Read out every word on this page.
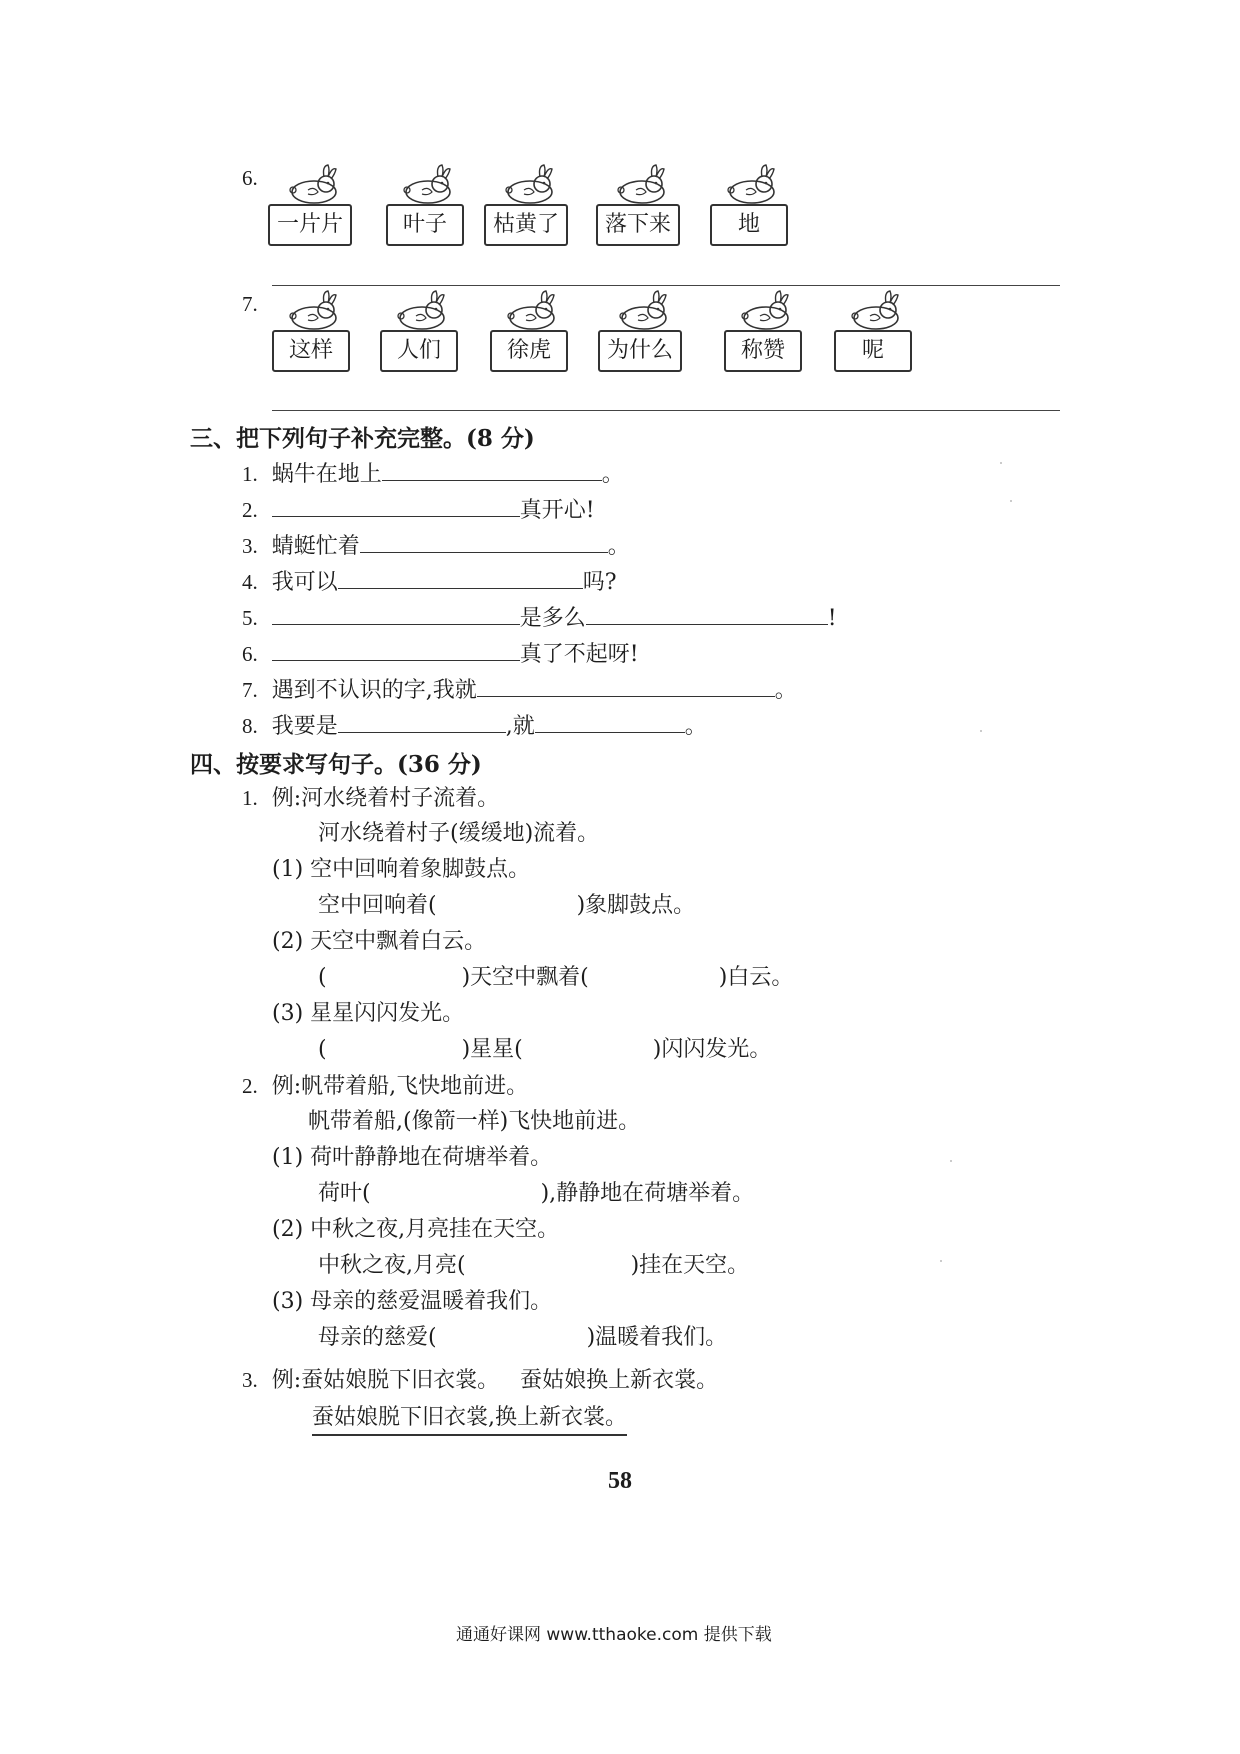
6.
一片片	叶子	枯黄了	落下来	地
7.
这样	人们	徐虎	为什么	称赞	呢
三、把下列句子补充完整。(8 分)
1. 蜗牛在地上	。
2.	真开心!
3. 蜻蜓忙着	。
4. 我可以	吗?
5.	是多么	!
6.	真了不起呀!
7. 遇到不认识的字,我就	。
8. 我要是	,就	。
四、按要求写句子。(36 分)
1. 例:河水绕着村子流着。
河水绕着村子(缓缓地)流着。
(1) 空中回响着象脚鼓点。
空中回响着(	)象脚鼓点。
(2) 天空中飘着白云。
(	)天空中飘着(	)白云。
(3) 星星闪闪发光。
(	)星星(	)闪闪发光。
2. 例:帆带着船,飞快地前进。
帆带着船,(像箭一样)飞快地前进。
(1) 荷叶静静地在荷塘举着。
荷叶(	),静静地在荷塘举着。
(2) 中秋之夜,月亮挂在天空。
中秋之夜,月亮(	)挂在天空。
(3) 母亲的慈爱温暖着我们。
母亲的慈爱(	)温暖着我们。
3. 例:蚕姑娘脱下旧衣裳。 蚕姑娘换上新衣裳。
蚕姑娘脱下旧衣裳,换上新衣裳。
58
通通好课网 www.tthaoke.com 提供下载
